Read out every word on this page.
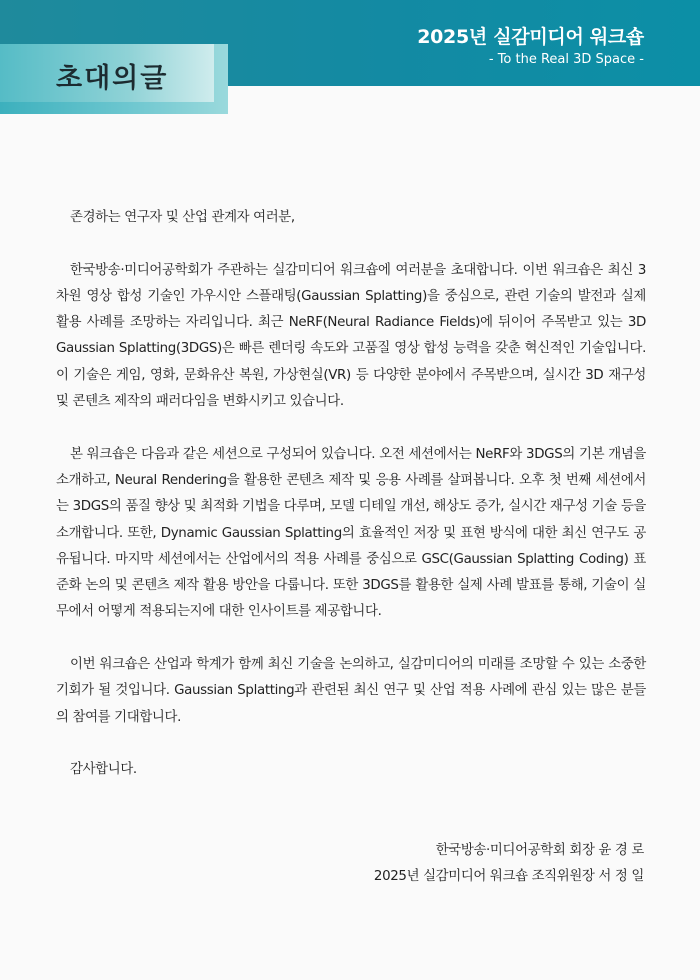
2025년 실감미디어 워크숍
- To the Real 3D Space -
초대의글

존경하는 연구자 및 산업 관계자 여러분,

한국방송·미디어공학회가 주관하는 실감미디어 워크숍에 여러분을 초대합니다. 이번 워크숍은 최신 3차원 영상 합성 기술인 가우시안 스플래팅(Gaussian Splatting)을 중심으로, 관련 기술의 발전과 실제 활용 사례를 조망하는 자리입니다. 최근 NeRF(Neural Radiance Fields)에 뒤이어 주목받고 있는 3D Gaussian Splatting(3DGS)은 빠른 렌더링 속도와 고품질 영상 합성 능력을 갖춘 혁신적인 기술입니다. 이 기술은 게임, 영화, 문화유산 복원, 가상현실(VR) 등 다양한 분야에서 주목받으며, 실시간 3D 재구성 및 콘텐츠 제작의 패러다임을 변화시키고 있습니다.

본 워크숍은 다음과 같은 세션으로 구성되어 있습니다. 오전 세션에서는 NeRF와 3DGS의 기본 개념을 소개하고, Neural Rendering을 활용한 콘텐츠 제작 및 응용 사례를 살펴봅니다. 오후 첫 번째 세션에서는 3DGS의 품질 향상 및 최적화 기법을 다루며, 모델 디테일 개선, 해상도 증가, 실시간 재구성 기술 등을 소개합니다. 또한, Dynamic Gaussian Splatting의 효율적인 저장 및 표현 방식에 대한 최신 연구도 공유됩니다. 마지막 세션에서는 산업에서의 적용 사례를 중심으로 GSC(Gaussian Splatting Coding) 표준화 논의 및 콘텐츠 제작 활용 방안을 다룹니다. 또한 3DGS를 활용한 실제 사례 발표를 통해, 기술이 실무에서 어떻게 적용되는지에 대한 인사이트를 제공합니다.

이번 워크숍은 산업과 학계가 함께 최신 기술을 논의하고, 실감미디어의 미래를 조망할 수 있는 소중한 기회가 될 것입니다. Gaussian Splatting과 관련된 최신 연구 및 산업 적용 사례에 관심 있는 많은 분들의 참여를 기대합니다.

감사합니다.

한국방송·미디어공학회 회장 윤 경 로
2025년 실감미디어 워크숍 조직위원장 서 정 일
